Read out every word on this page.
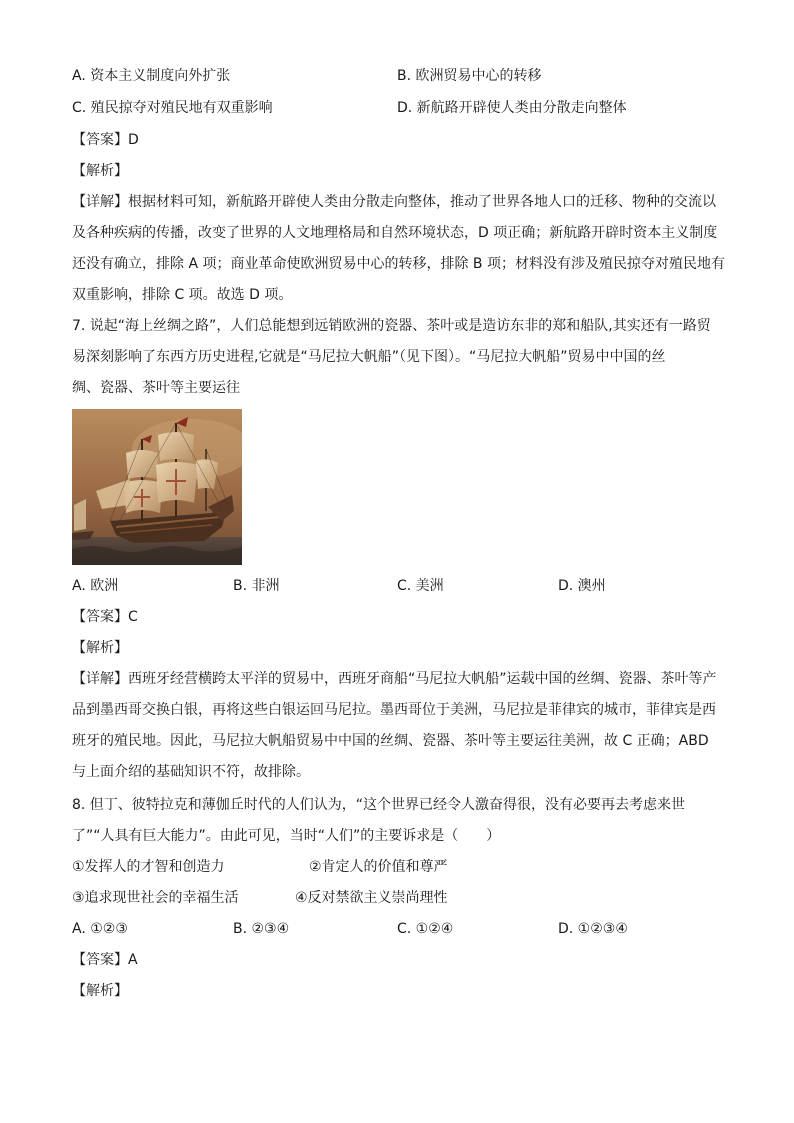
A. 资本主义制度向外扩张	B. 欧洲贸易中心的转移
C. 殖民掠夺对殖民地有双重影响	D. 新航路开辟使人类由分散走向整体
【答案】D
【解析】
【详解】根据材料可知，新航路开辟使人类由分散走向整体，推动了世界各地人口的迁移、物种的交流以
及各种疾病的传播，改变了世界的人文地理格局和自然环境状态，D 项正确；新航路开辟时资本主义制度
还没有确立，排除 A 项；商业革命使欧洲贸易中心的转移，排除 B 项；材料没有涉及殖民掠夺对殖民地有
双重影响，排除 C 项。故选 D 项。
7. 说起“海上丝绸之路”，人们总能想到远销欧洲的瓷器、茶叶或是造访东非的郑和船队,其实还有一路贸
易深刻影响了东西方历史进程,它就是“马尼拉大帆船”（见下图）。“马尼拉大帆船”贸易中中国的丝
绸、瓷器、茶叶等主要运往
A. 欧洲	B. 非洲	C. 美洲	D. 澳州
【答案】C
【解析】
【详解】西班牙经营横跨太平洋的贸易中，西班牙商船“马尼拉大帆船”运载中国的丝绸、瓷器、茶叶等产
品到墨西哥交换白银，再将这些白银运回马尼拉。墨西哥位于美洲，马尼拉是菲律宾的城市，菲律宾是西
班牙的殖民地。因此，马尼拉大帆船贸易中中国的丝绸、瓷器、茶叶等主要运往美洲，故 C 正确；ABD
与上面介绍的基础知识不符，故排除。
8. 但丁、彼特拉克和薄伽丘时代的人们认为，“这个世界已经令人激奋得很，没有必要再去考虑来世
了”“人具有巨大能力”。由此可见，当时“人们”的主要诉求是（　　）
①发挥人的才智和创造力	②肯定人的价值和尊严
③追求现世社会的幸福生活	④反对禁欲主义崇尚理性
A. ①②③	B. ②③④	C. ①②④	D. ①②③④
【答案】A
【解析】
